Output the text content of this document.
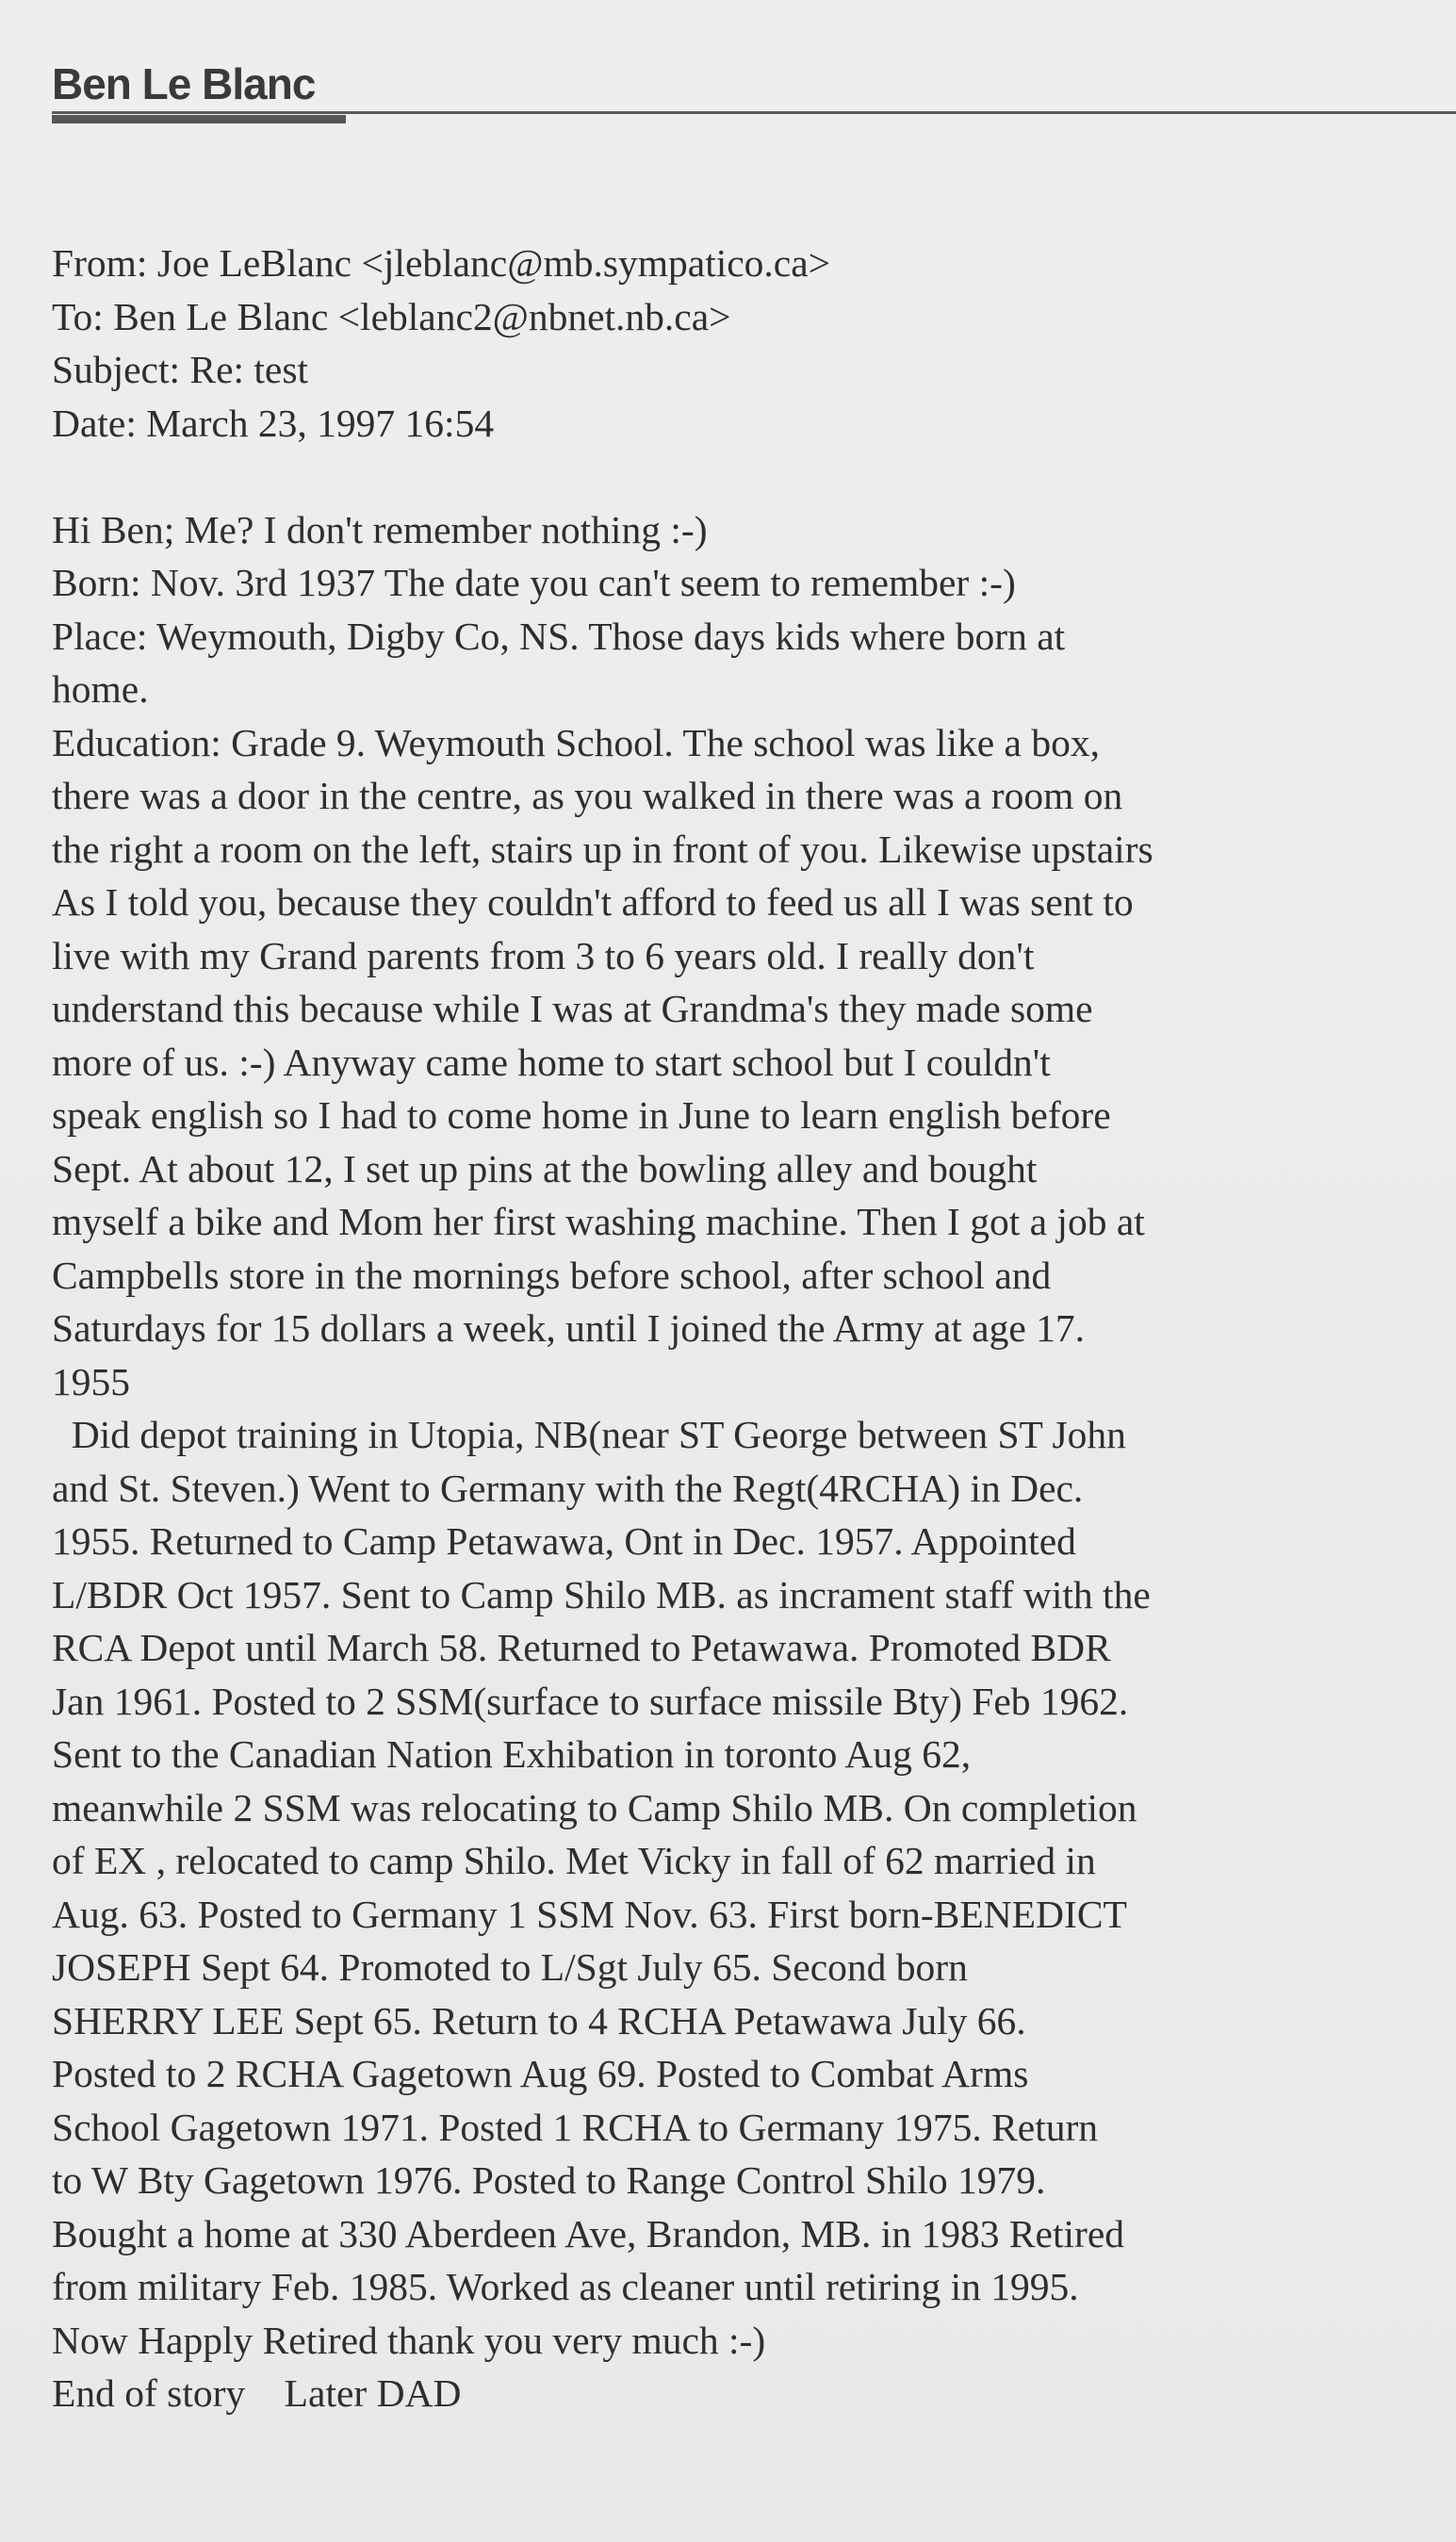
Ben Le Blanc
From: Joe LeBlanc <jleblanc@mb.sympatico.ca>
To: Ben Le Blanc <leblanc2@nbnet.nb.ca>
Subject: Re: test
Date: March 23, 1997 16:54
Hi Ben; Me? I don't remember nothing :-)
Born: Nov. 3rd 1937 The date you can't seem to remember :-)
Place: Weymouth, Digby Co, NS. Those days kids where born at
home.
Education: Grade 9. Weymouth School. The school was like a box,
there was a door in the centre, as you walked in there was a room on
the right a room on the left, stairs up in front of you. Likewise upstairs
As I told you, because they couldn't afford to feed us all I was sent to
live with my Grand parents from 3 to 6 years old. I really don't
understand this because while I was at Grandma's they made some
more of us. :-) Anyway came home to start school but I couldn't
speak english so I had to come home in June to learn english before
Sept. At about 12, I set up pins at the bowling alley and bought
myself a bike and Mom her first washing machine. Then I got a job at
Campbells store in the mornings before school, after school and
Saturdays for 15 dollars a week, until I joined the Army at age 17.
1955
Did depot training in Utopia, NB(near ST George between ST John
and St. Steven.) Went to Germany with the Regt(4RCHA) in Dec.
1955. Returned to Camp Petawawa, Ont in Dec. 1957. Appointed
L/BDR Oct 1957. Sent to Camp Shilo MB. as incrament staff with the
RCA Depot until March 58. Returned to Petawawa. Promoted BDR
Jan 1961. Posted to 2 SSM(surface to surface missile Bty) Feb 1962.
Sent to the Canadian Nation Exhibation in toronto Aug 62,
meanwhile 2 SSM was relocating to Camp Shilo MB. On completion
of EX , relocated to camp Shilo. Met Vicky in fall of 62 married in
Aug. 63. Posted to Germany 1 SSM Nov. 63. First born-BENEDICT
JOSEPH Sept 64. Promoted to L/Sgt July 65. Second born
SHERRY LEE Sept 65. Return to 4 RCHA Petawawa July 66.
Posted to 2 RCHA Gagetown Aug 69. Posted to Combat Arms
School Gagetown 1971. Posted 1 RCHA to Germany 1975. Return
to W Bty Gagetown 1976. Posted to Range Control Shilo 1979.
Bought a home at 330 Aberdeen Ave, Brandon, MB. in 1983 Retired
from military Feb. 1985. Worked as cleaner until retiring in 1995.
Now Happly Retired thank you very much :-)
End of story    Later DAD
